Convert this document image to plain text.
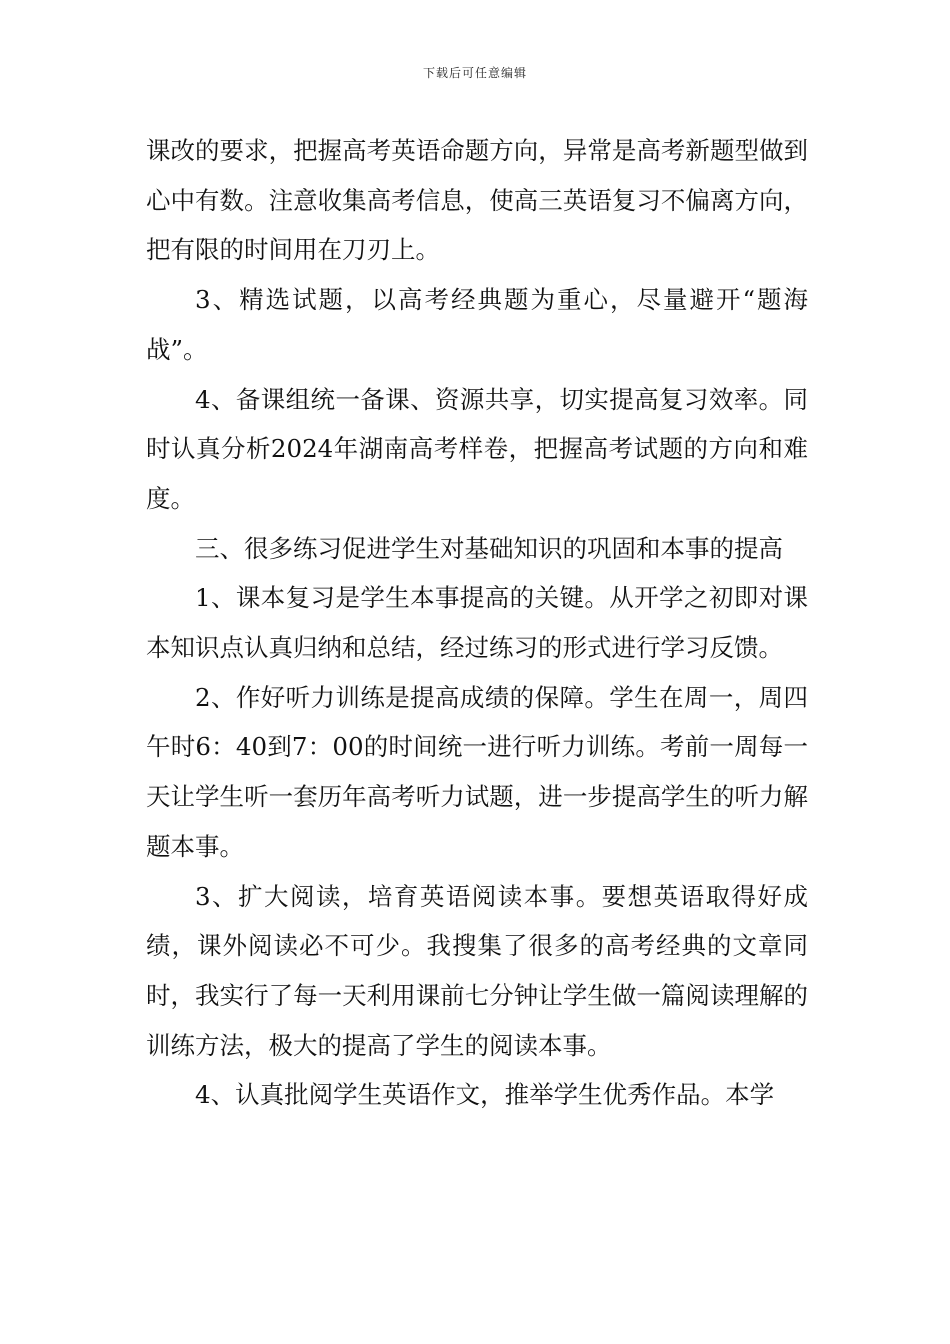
下载后可任意编辑

课改的要求，把握高考英语命题方向，异常是高考新题型做到心中有数。注意收集高考信息，使高三英语复习不偏离方向，把有限的时间用在刀刃上。

3、精选试题，以高考经典题为重心，尽量避开“题海战”。

4、备课组统一备课、资源共享，切实提高复习效率。同时认真分析2024年湖南高考样卷，把握高考试题的方向和难度。

三、很多练习促进学生对基础知识的巩固和本事的提高

1、课本复习是学生本事提高的关键。从开学之初即对课本知识点认真归纳和总结，经过练习的形式进行学习反馈。

2、作好听力训练是提高成绩的保障。学生在周一，周四午时6：40到7：00的时间统一进行听力训练。考前一周每一天让学生听一套历年高考听力试题，进一步提高学生的听力解题本事。

3、扩大阅读，培育英语阅读本事。要想英语取得好成绩，课外阅读必不可少。我搜集了很多的高考经典的文章同时，我实行了每一天利用课前七分钟让学生做一篇阅读理解的训练方法，极大的提高了学生的阅读本事。

4、认真批阅学生英语作文，推举学生优秀作品。本学
